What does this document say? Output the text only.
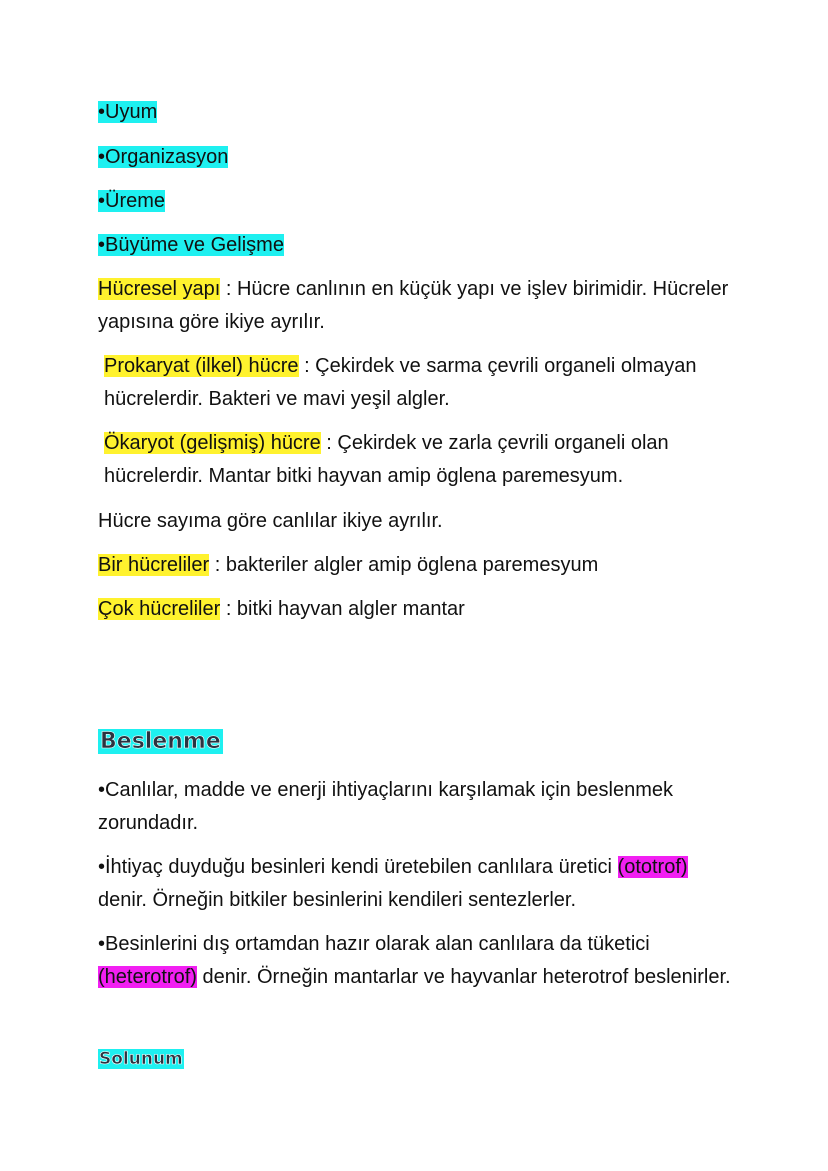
•Uyum
•Organizasyon
•Üreme
•Büyüme ve Gelişme
Hücresel yapı : Hücre canlının en küçük yapı ve işlev birimidir. Hücreler yapısına göre ikiye ayrılır.
Prokaryat (ilkel) hücre : Çekirdek ve sarma çevrili organeli olmayan hücrelerdir. Bakteri ve mavi yeşil algler.
Ökaryot (gelişmiş) hücre : Çekirdek ve zarla çevrili organeli olan hücrelerdir. Mantar bitki hayvan amip öglena paremesyum.
Hücre sayıma göre canlılar ikiye ayrılır.
Bir hücreliler : bakteriler algler amip öglena paremesyum
Çok hücreliler : bitki hayvan algler mantar
Beslenme
•Canlılar, madde ve enerji ihtiyaçlarını karşılamak için beslenmek zorundadır.
•İhtiyaç duyduğu besinleri kendi üretebilen canlılara üretici (ototrof) denir. Örneğin bitkiler besinlerini kendileri sentezlerler.
•Besinlerini dış ortamdan hazır olarak alan canlılara da tüketici (heterotrof) denir. Örneğin mantarlar ve hayvanlar heterotrof beslenirler.
Solunum
